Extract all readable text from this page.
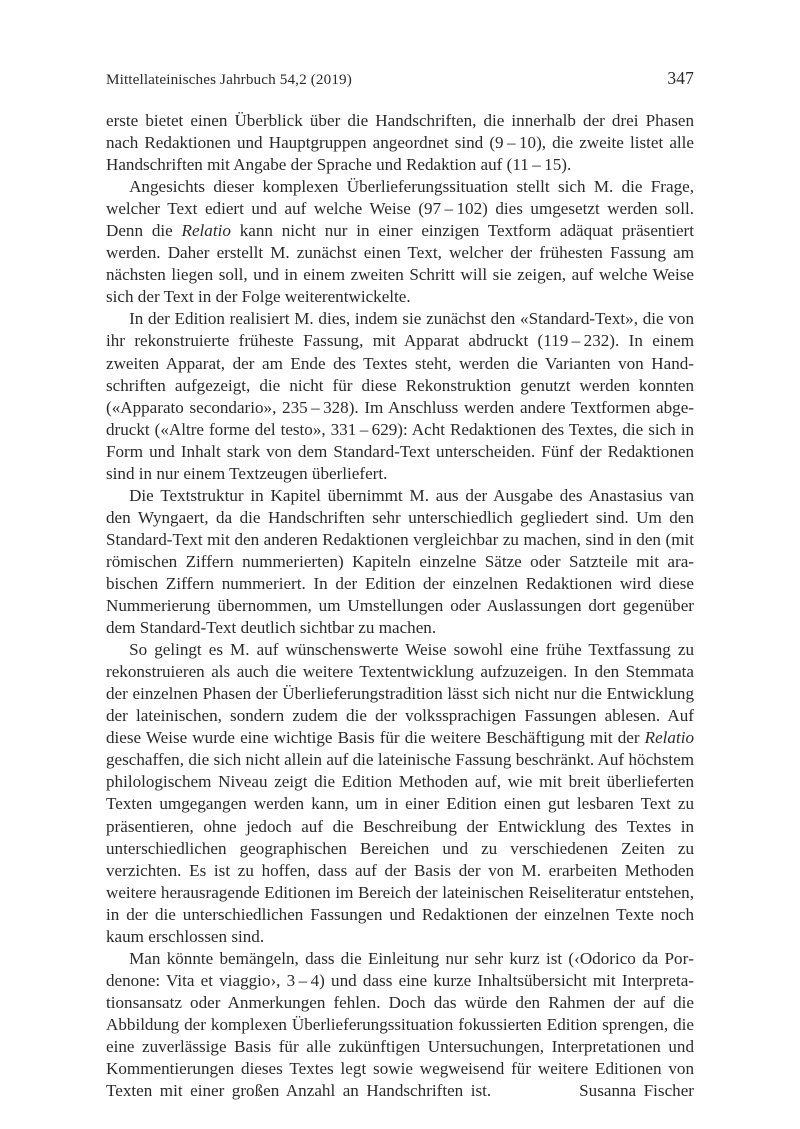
Mittellateinisches Jahrbuch 54,2 (2019)	347

erste bietet einen Überblick über die Handschriften, die innerhalb der drei Phasen nach Redaktionen und Hauptgruppen angeordnet sind (9 – 10), die zweite listet alle Handschriften mit Angabe der Sprache und Redaktion auf (11 – 15).

Angesichts dieser komplexen Überlieferungssituation stellt sich M. die Frage, welcher Text ediert und auf welche Weise (97 – 102) dies umgesetzt werden soll. Denn die Relatio kann nicht nur in einer einzigen Textform adäquat präsentiert werden. Daher erstellt M. zunächst einen Text, welcher der frühesten Fassung am nächsten liegen soll, und in einem zweiten Schritt will sie zeigen, auf welche Weise sich der Text in der Folge weiterentwickelte.

In der Edition realisiert M. dies, indem sie zunächst den «Standard-Text», die von ihr rekonstruierte früheste Fassung, mit Apparat abdruckt (119 – 232). In einem zweiten Apparat, der am Ende des Textes steht, werden die Varianten von Handschriften aufgezeigt, die nicht für diese Rekonstruktion genutzt werden konnten («Apparato secondario», 235 – 328). Im Anschluss werden andere Textformen abgedruckt («Altre forme del testo», 331 – 629): Acht Redaktionen des Textes, die sich in Form und Inhalt stark von dem Standard-Text unterscheiden. Fünf der Redaktionen sind in nur einem Textzeugen überliefert.

Die Textstruktur in Kapitel übernimmt M. aus der Ausgabe des Anastasius van den Wyngaert, da die Handschriften sehr unterschiedlich gegliedert sind. Um den Standard-Text mit den anderen Redaktionen vergleichbar zu machen, sind in den (mit römischen Ziffern nummerierten) Kapiteln einzelne Sätze oder Satzteile mit arabischen Ziffern nummeriert. In der Edition der einzelnen Redaktionen wird diese Nummerierung übernommen, um Umstellungen oder Auslassungen dort gegenüber dem Standard-Text deutlich sichtbar zu machen.

So gelingt es M. auf wünschenswerte Weise sowohl eine frühe Textfassung zu rekonstruieren als auch die weitere Textentwicklung aufzuzeigen. In den Stemmata der einzelnen Phasen der Überlieferungstradition lässt sich nicht nur die Entwicklung der lateinischen, sondern zudem die der volkssprachigen Fassungen ablesen. Auf diese Weise wurde eine wichtige Basis für die weitere Beschäftigung mit der Relatio geschaffen, die sich nicht allein auf die lateinische Fassung beschränkt. Auf höchstem philologischem Niveau zeigt die Edition Methoden auf, wie mit breit überlieferten Texten umgegangen werden kann, um in einer Edition einen gut lesbaren Text zu präsentieren, ohne jedoch auf die Beschreibung der Entwicklung des Textes in unterschiedlichen geographischen Bereichen und zu verschiedenen Zeiten zu verzichten. Es ist zu hoffen, dass auf der Basis der von M. erarbeiten Methoden weitere herausragende Editionen im Bereich der lateinischen Reiseliteratur entstehen, in der die unterschiedlichen Fassungen und Redaktionen der einzelnen Texte noch kaum erschlossen sind.

Man könnte bemängeln, dass die Einleitung nur sehr kurz ist (‹Odorico da Pordenone: Vita et viaggio›, 3 – 4) und dass eine kurze Inhaltsübersicht mit Interpretationsansatz oder Anmerkungen fehlen. Doch das würde den Rahmen der auf die Abbildung der komplexen Überlieferungssituation fokussierten Edition sprengen, die eine zuverlässige Basis für alle zukünftigen Untersuchungen, Interpretationen und Kommentierungen dieses Textes legt sowie wegweisend für weitere Editionen von Texten mit einer großen Anzahl an Handschriften ist.	Susanna Fischer
